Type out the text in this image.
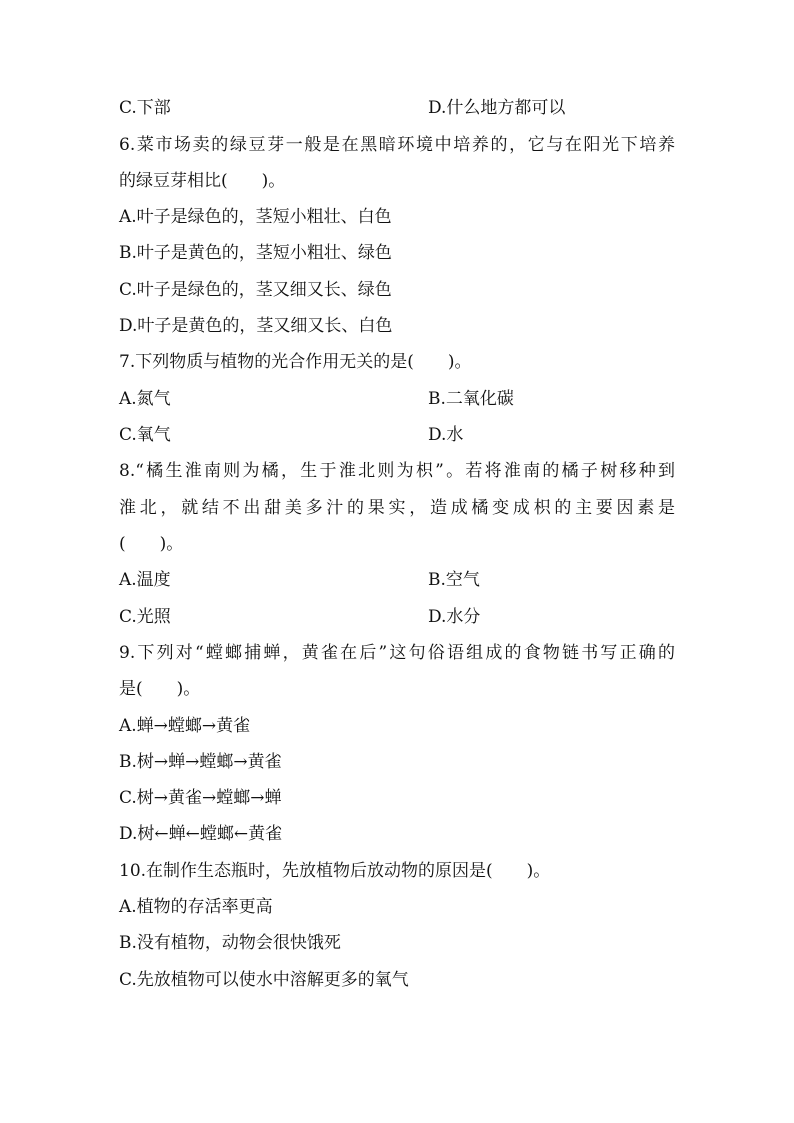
C.下部	D.什么地方都可以
6.菜市场卖的绿豆芽一般是在黑暗环境中培养的，它与在阳光下培养
的绿豆芽相比(　　)。
A.叶子是绿色的，茎短小粗壮、白色
B.叶子是黄色的，茎短小粗壮、绿色
C.叶子是绿色的，茎又细又长、绿色
D.叶子是黄色的，茎又细又长、白色
7.下列物质与植物的光合作用无关的是(　　)。
A.氮气	B.二氧化碳
C.氧气	D.水
8.“橘生淮南则为橘，生于淮北则为枳”。若将淮南的橘子树移种到
淮北，就结不出甜美多汁的果实，造成橘变成枳的主要因素是
(　　)。
A.温度	B.空气
C.光照	D.水分
9.下列对“螳螂捕蝉，黄雀在后”这句俗语组成的食物链书写正确的
是(　　)。
A.蝉→螳螂→黄雀
B.树→蝉→螳螂→黄雀
C.树→黄雀→螳螂→蝉
D.树←蝉←螳螂←黄雀
10.在制作生态瓶时，先放植物后放动物的原因是(　　)。
A.植物的存活率更高
B.没有植物，动物会很快饿死
C.先放植物可以使水中溶解更多的氧气
